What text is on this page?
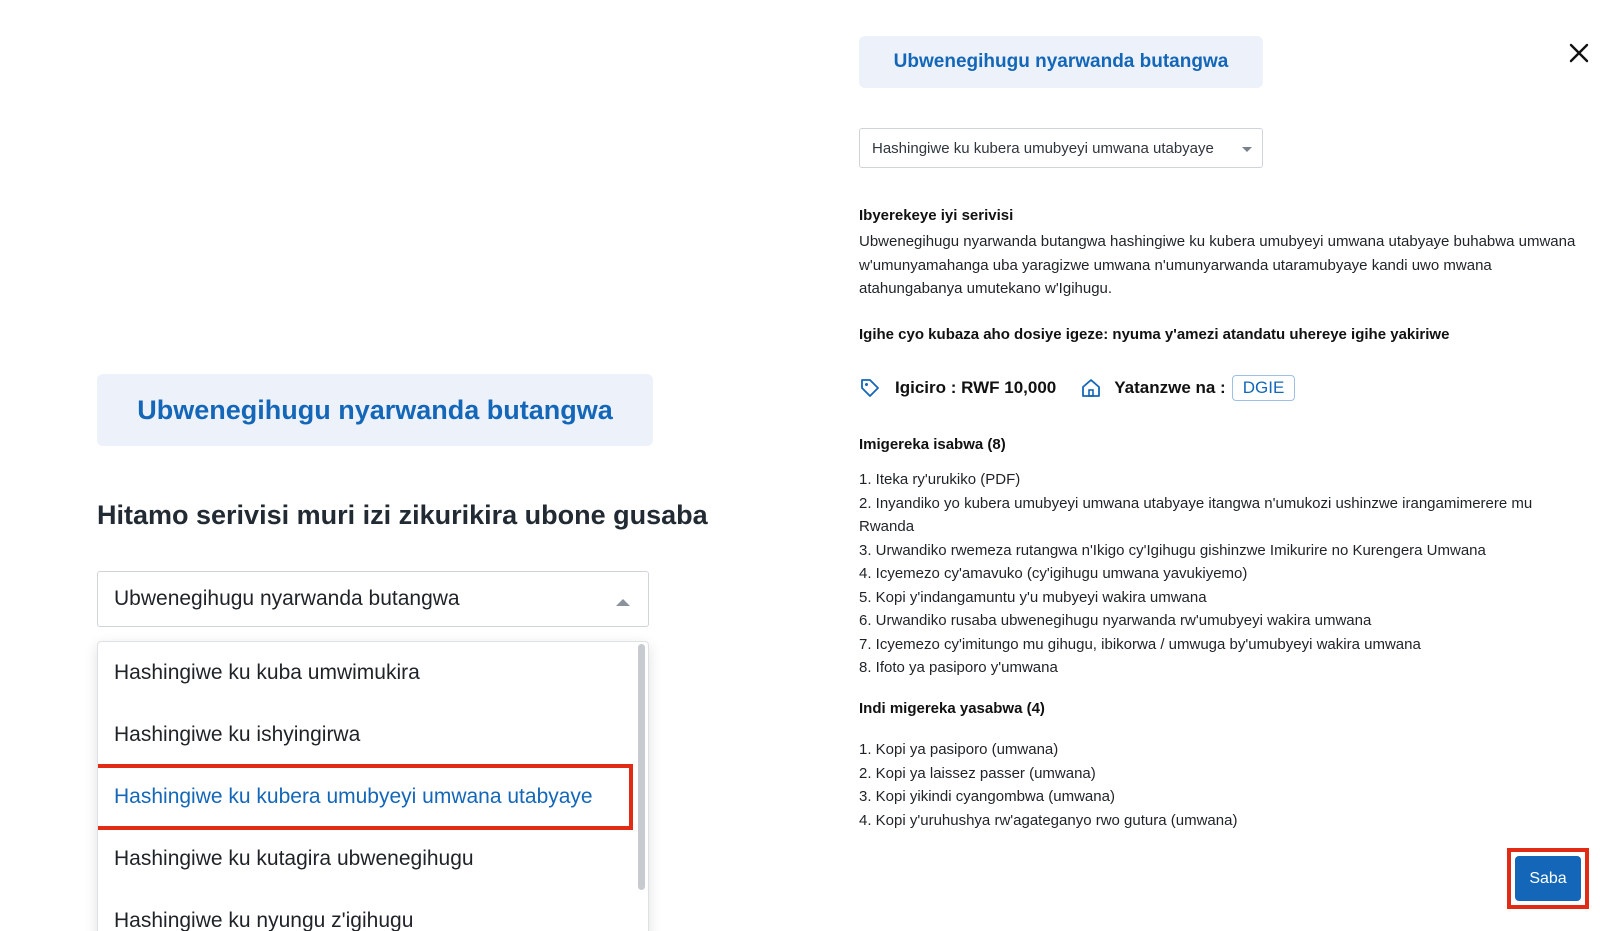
Ubwenegihugu nyarwanda butangwa
Hitamo serivisi muri izi zikurikira ubone gusaba
Ubwenegihugu nyarwanda butangwa
Hashingiwe ku kuba umwimukira
Hashingiwe ku ishyingirwa
Hashingiwe ku kubera umubyeyi umwana utabyaye
Hashingiwe ku kutagira ubwenegihugu
Hashingiwe ku nyungu z'igihugu
Ubwenegihugu nyarwanda butangwa
Hashingiwe ku kubera umubyeyi umwana utabyaye
Ibyerekeye iyi serivisi
Ubwenegihugu nyarwanda butangwa hashingiwe ku kubera umubyeyi umwana utabyaye buhabwa umwana w'umunyamahanga uba yaragizwe umwana n'umunyarwanda utaramubyaye kandi uwo mwana atahungabanya umutekano w'Igihugu.
Igihe cyo kubaza aho dosiye igeze: nyuma y'amezi atandatu uhereye igihe yakiriwe
Igiciro : RWF 10,000	Yatanzwe na :	DGIE
Imigereka isabwa (8)
1. Iteka ry'urukiko (PDF)
2. Inyandiko yo kubera umubyeyi umwana utabyaye itangwa n'umukozi ushinzwe irangamimerere mu Rwanda
3. Urwandiko rwemeza rutangwa n'Ikigo cy'Igihugu gishinzwe Imikurire no Kurengera Umwana
4. Icyemezo cy'amavuko (cy'igihugu umwana yavukiyemo)
5. Kopi y'indangamuntu y'u mubyeyi wakira umwana
6. Urwandiko rusaba ubwenegihugu nyarwanda rw'umubyeyi wakira umwana
7. Icyemezo cy'imitungo mu gihugu, ibikorwa / umwuga by'umubyeyi wakira umwana
8. Ifoto ya pasiporo y'umwana
Indi migereka yasabwa (4)
1. Kopi ya pasiporo (umwana)
2. Kopi ya laissez passer (umwana)
3. Kopi yikindi cyangombwa (umwana)
4. Kopi y'uruhushya rw'agateganyo rwo gutura (umwana)
Saba
